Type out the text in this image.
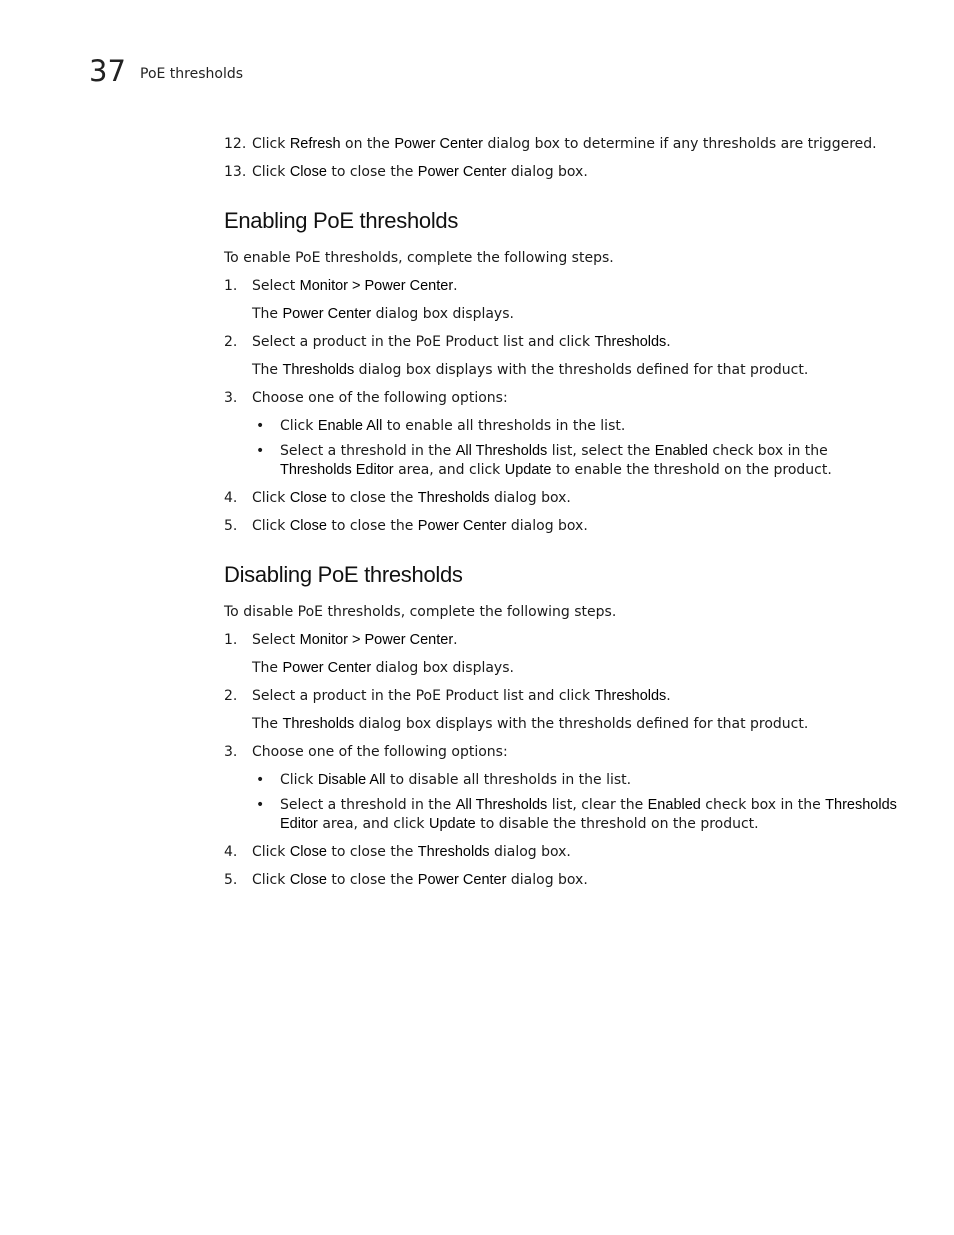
37 PoE thresholds
12. Click Refresh on the Power Center dialog box to determine if any thresholds are triggered.
13. Click Close to close the Power Center dialog box.
Enabling PoE thresholds
To enable PoE thresholds, complete the following steps.
1. Select Monitor > Power Center.
The Power Center dialog box displays.
2. Select a product in the PoE Product list and click Thresholds.
The Thresholds dialog box displays with the thresholds defined for that product.
3. Choose one of the following options:
• Click Enable All to enable all thresholds in the list.
• Select a threshold in the All Thresholds list, select the Enabled check box in the
Thresholds Editor area, and click Update to enable the threshold on the product.
4. Click Close to close the Thresholds dialog box.
5. Click Close to close the Power Center dialog box.
Disabling PoE thresholds
To disable PoE thresholds, complete the following steps.
1. Select Monitor > Power Center.
The Power Center dialog box displays.
2. Select a product in the PoE Product list and click Thresholds.
The Thresholds dialog box displays with the thresholds defined for that product.
3. Choose one of the following options:
• Click Disable All to disable all thresholds in the list.
• Select a threshold in the All Thresholds list, clear the Enabled check box in the Thresholds
Editor area, and click Update to disable the threshold on the product.
4. Click Close to close the Thresholds dialog box.
5. Click Close to close the Power Center dialog box.
